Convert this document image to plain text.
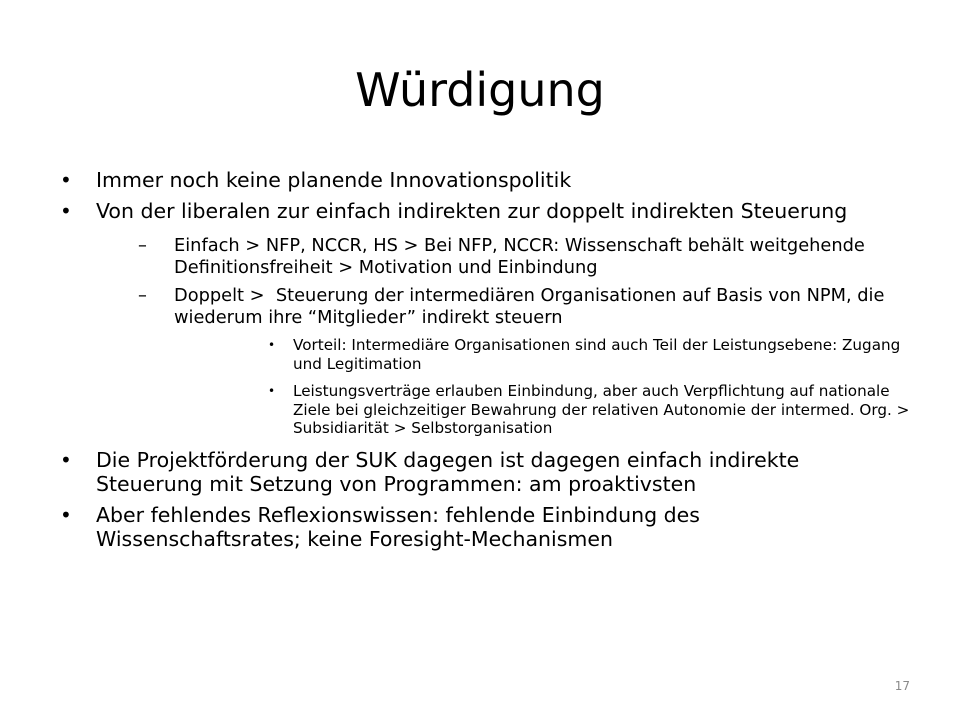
Würdigung
• Immer noch keine planende Innovationspolitik
• Von der liberalen zur einfach indirekten zur doppelt indirekten Steuerung
– Einfach > NFP, NCCR, HS > Bei NFP, NCCR: Wissenschaft behält weitgehende Definitionsfreiheit > Motivation und Einbindung
– Doppelt >  Steuerung der intermediären Organisationen auf Basis von NPM, die wiederum ihre “Mitglieder” indirekt steuern
• Vorteil: Intermediäre Organisationen sind auch Teil der Leistungsebene: Zugang und Legitimation
• Leistungsverträge erlauben Einbindung, aber auch Verpflichtung auf nationale Ziele bei gleichzeitiger Bewahrung der relativen Autonomie der intermed. Org. > Subsidiarität > Selbstorganisation
• Die Projektförderung der SUK dagegen ist dagegen einfach indirekte Steuerung mit Setzung von Programmen: am proaktivsten
• Aber fehlendes Reflexionswissen: fehlende Einbindung des Wissenschaftsrates; keine Foresight-Mechanismen
17
